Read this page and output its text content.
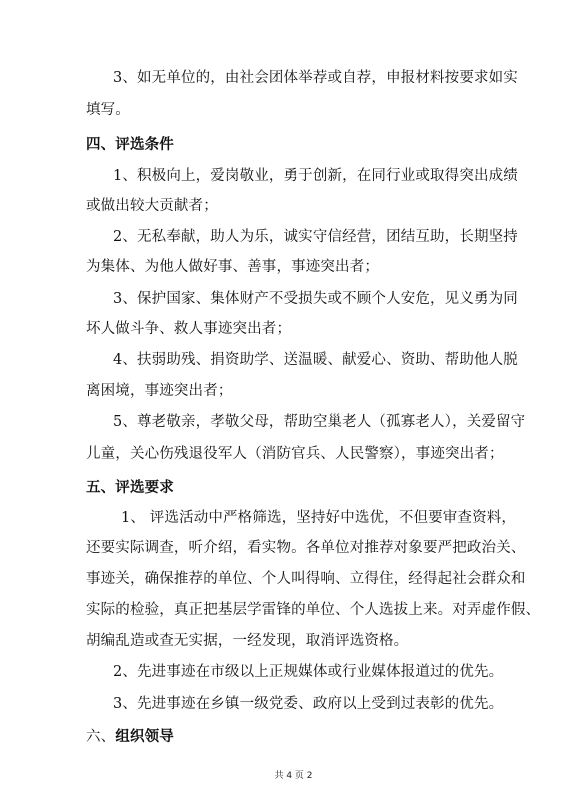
3、如无单位的，由社会团体举荐或自荐，申报材料按要求如实
填写。
四、评选条件
1、积极向上，爱岗敬业，勇于创新，在同行业或取得突出成绩
或做出较大贡献者；
2、无私奉献，助人为乐，诚实守信经营，团结互助，长期坚持
为集体、为他人做好事、善事，事迹突出者；
3、保护国家、集体财产不受损失或不顾个人安危，见义勇为同
坏人做斗争、救人事迹突出者；
4、扶弱助残、捐资助学、送温暖、献爱心、资助、帮助他人脱
离困境，事迹突出者；
5、尊老敬亲，孝敬父母，帮助空巢老人（孤寡老人），关爱留守
儿童，关心伤残退役军人（消防官兵、人民警察），事迹突出者；
五、评选要求
1、 评选活动中严格筛选，坚持好中选优，不但要审查资料，
还要实际调查，听介绍，看实物。各单位对推荐对象要严把政治关、
事迹关，确保推荐的单位、个人叫得响、立得住，经得起社会群众和
实际的检验，真正把基层学雷锋的单位、个人选拔上来。对弄虚作假、
胡编乱造或查无实据，一经发现，取消评选资格。
2、先进事迹在市级以上正规媒体或行业媒体报道过的优先。
3、先进事迹在乡镇一级党委、政府以上受到过表彰的优先。
六、组织领导
共 4 页 2
